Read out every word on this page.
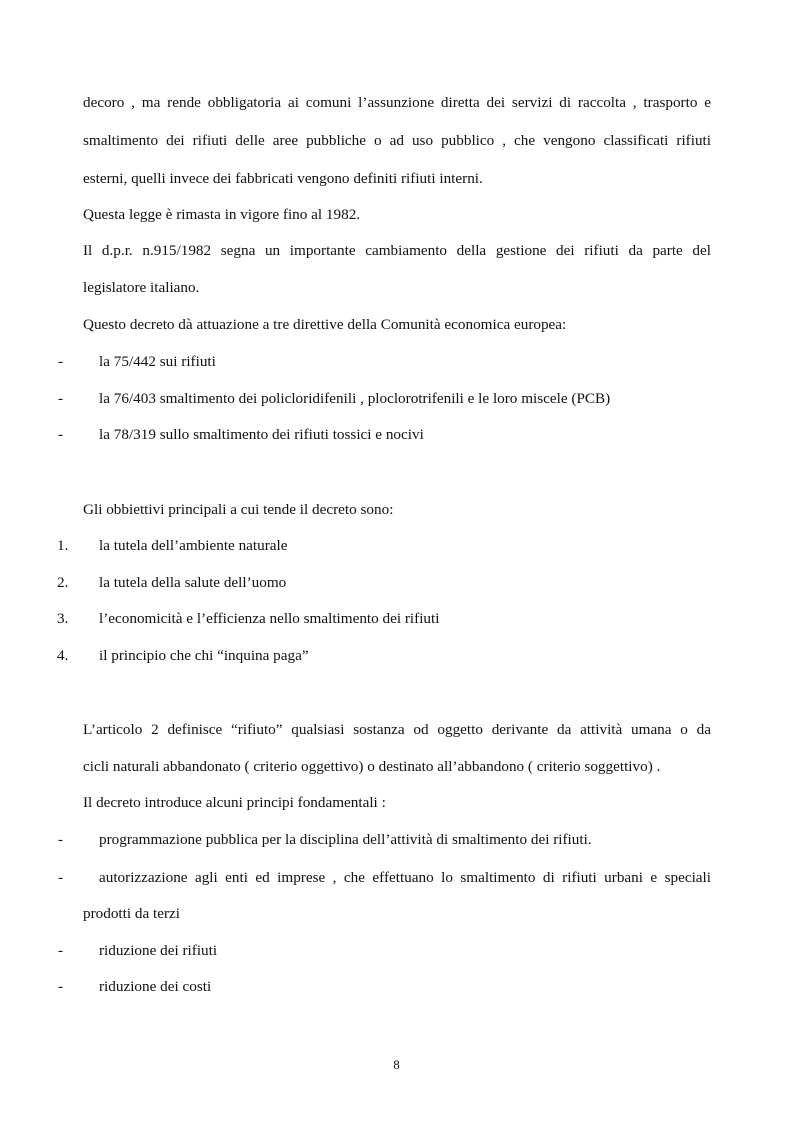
decoro , ma rende obbligatoria ai comuni l’assunzione diretta dei servizi di raccolta , trasporto e
smaltimento dei rifiuti delle aree pubbliche o ad uso pubblico , che vengono classificati rifiuti
esterni, quelli invece dei fabbricati vengono definiti rifiuti interni.
Questa legge è rimasta in vigore fino al 1982.
Il d.p.r. n.915/1982 segna un importante cambiamento della gestione dei rifiuti da parte del
legislatore italiano.
Questo decreto dà attuazione a tre direttive della Comunità economica europea:
- la 75/442 sui rifiuti
- la 76/403 smaltimento dei policloridifenili , ploclorotrifenili e le loro miscele (PCB)
- la 78/319 sullo smaltimento dei rifiuti tossici e nocivi
Gli obbiettivi principali a cui tende il decreto sono:
1. la tutela dell’ambiente naturale
2. la tutela della salute dell’uomo
3. l’economicità e l’efficienza nello smaltimento dei rifiuti
4. il principio che chi “inquina paga”
L’articolo 2 definisce “rifiuto” qualsiasi sostanza od oggetto derivante da attività umana o da
cicli naturali abbandonato ( criterio oggettivo) o destinato all’abbandono ( criterio soggettivo) .
Il decreto introduce alcuni principi fondamentali :
- programmazione pubblica per la disciplina dell’attività di smaltimento dei rifiuti.
- autorizzazione agli enti ed imprese , che effettuano lo smaltimento di rifiuti urbani e speciali
prodotti da terzi
- riduzione dei rifiuti
- riduzione dei costi
8
